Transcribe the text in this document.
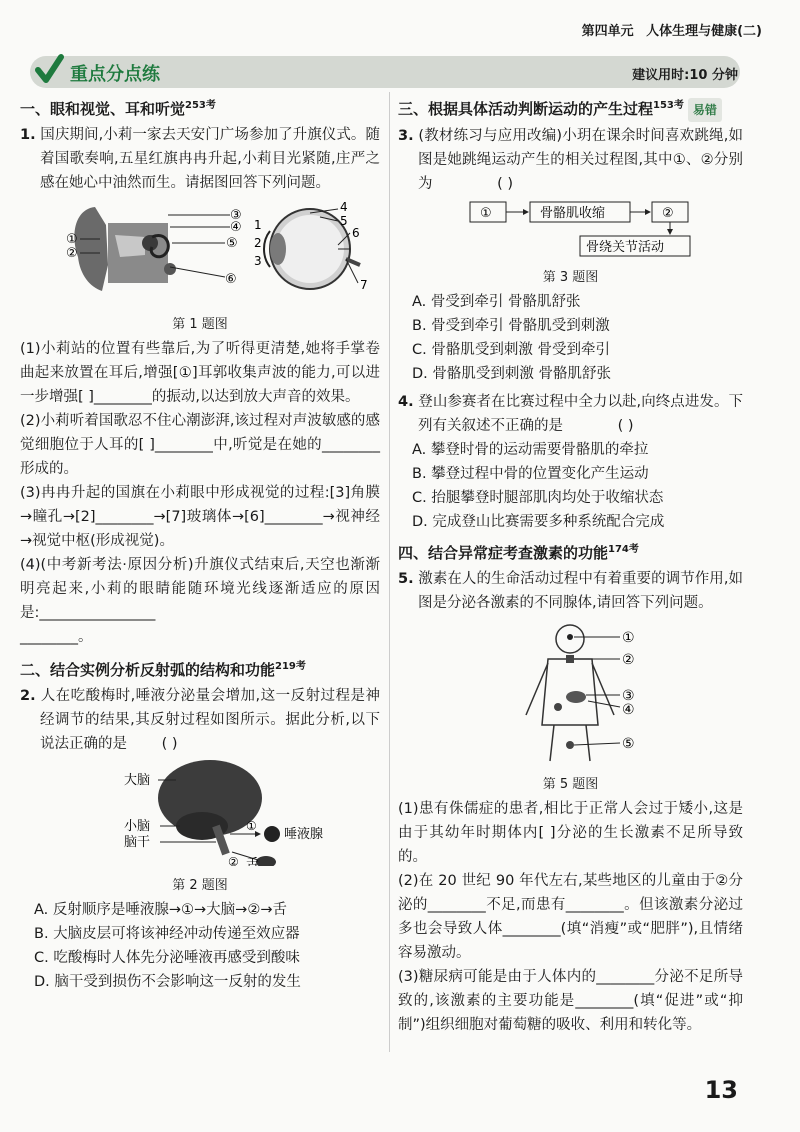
第四单元 人体生理与健康(二)
重点分点练	建议用时:10 分钟
一、眼和视觉、耳和听觉$^{253考}$
1. 国庆期间,小莉一家去天安门广场参加了升旗仪式。随着国歌奏响,五星红旗冉冉升起,小莉目光紧随,庄严之感在她心中油然而生。请据图回答下列问题。
①
②
③
④
⑤
⑥
1
2
3
4
5
6
7
第 1 题图
(1)小莉站的位置有些靠后,为了听得更清楚,她将手掌卷曲起来放置在耳后,增强[①]耳郭收集声波的能力,可以进一步增强[ ]________的振动,以达到放大声音的效果。
(2)小莉听着国歌忍不住心潮澎湃,该过程对声波敏感的感觉细胞位于人耳的[ ]________中,听觉是在她的________形成的。
(3)冉冉升起的国旗在小莉眼中形成视觉的过程:[3]角膜→瞳孔→[2]________→[7]玻璃体→[6]________→视神经→视觉中枢(形成视觉)。
(4)(中考新考法·原因分析)升旗仪式结束后,天空也渐渐明亮起来,小莉的眼睛能随环境光线逐渐适应的原因是:________________
________。
二、结合实例分析反射弧的结构和功能$^{219考}$
2. 人在吃酸梅时,唾液分泌量会增加,这一反射过程是神经调节的结果,其反射过程如图所示。据此分析,以下说法正确的是 ( )
大脑
小脑
脑干
唾液腺
①
② 舌
第 2 题图
A. 反射顺序是唾液腺→①→大脑→②→舌
B. 大脑皮层可将该神经冲动传递至效应器
C. 吃酸梅时人体先分泌唾液再感受到酸味
D. 脑干受到损伤不会影响这一反射的发生
三、根据具体活动判断运动的产生过程$^{153考}$ 易错
3. (教材练习与应用改编)小玥在课余时间喜欢跳绳,如图是她跳绳运动产生的相关过程图,其中①、②分别为	( )
①	骨骼肌收缩	②
骨绕关节活动
第 3 题图
A. 骨受到牵引 骨骼肌舒张
B. 骨受到牵引 骨骼肌受到刺激
C. 骨骼肌受到刺激 骨受到牵引
D. 骨骼肌受到刺激 骨骼肌舒张
4. 登山参赛者在比赛过程中全力以赴,向终点进发。下列有关叙述不正确的是	( )
A. 攀登时骨的运动需要骨骼肌的牵拉
B. 攀登过程中骨的位置变化产生运动
C. 抬腿攀登时腿部肌肉均处于收缩状态
D. 完成登山比赛需要多种系统配合完成
四、结合异常症考查激素的功能$^{174考}$
5. 激素在人的生命活动过程中有着重要的调节作用,如图是分泌各激素的不同腺体,请回答下列问题。
①
②
③
④
⑤
第 5 题图
(1)患有侏儒症的患者,相比于正常人会过于矮小,这是由于其幼年时期体内[ ]分泌的生长激素不足所导致的。
(2)在 20 世纪 90 年代左右,某些地区的儿童由于②分泌的________不足,而患有________。但该激素分泌过多也会导致人体________(填“消瘦”或“肥胖”),且情绪容易激动。
(3)糖尿病可能是由于人体内的________分泌不足所导致的,该激素的主要功能是________(填“促进”或“抑制”)组织细胞对葡萄糖的吸收、利用和转化等。
13
